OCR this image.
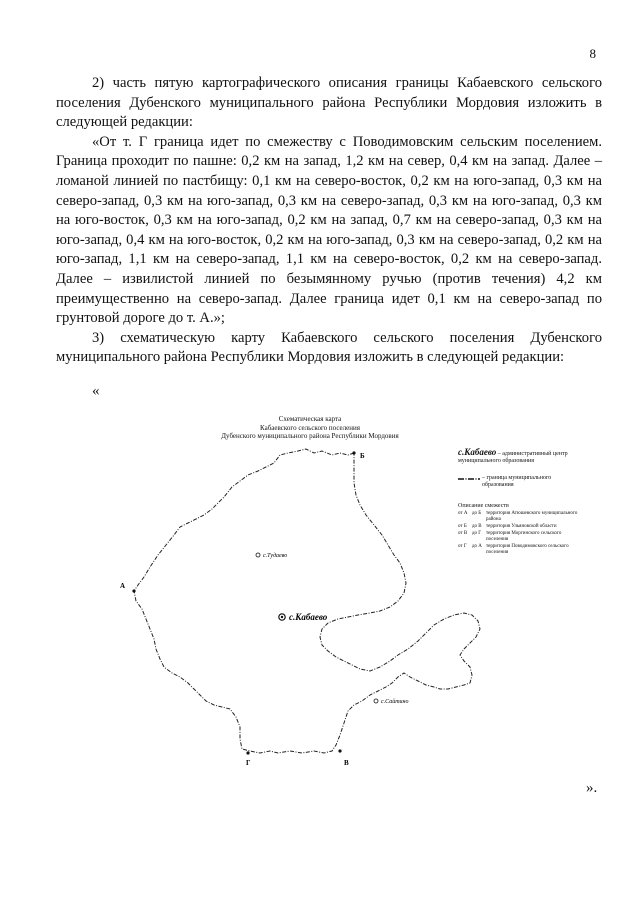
8

2) часть пятую картографического описания границы Кабаевского сельского поселения Дубенского муниципального района Республики Мордовия изложить в следующей редакции:

«От т. Г граница идет по смежеству с Поводимовским сельским поселением. Граница проходит по пашне: 0,2 км на запад, 1,2 км на север, 0,4 км на запад. Далее – ломаной линией по пастбищу: 0,1 км на северо-восток, 0,2 км на юго-запад, 0,3 км на северо-запад, 0,3 км на юго-запад, 0,3 км на северо-запад, 0,3 км на юго-запад, 0,3 км на юго-восток, 0,3 км на юго-запад, 0,2 км на запад, 0,7 км на северо-запад, 0,3 км на юго-запад, 0,4 км на юго-восток, 0,2 км на юго-запад, 0,3 км на северо-запад, 0,2 км на юго-запад, 1,1 км на северо-запад, 1,1 км на северо-восток, 0,2 км на северо-запад. Далее – извилистой линией по безымянному ручью (против течения) 4,2 км преимущественно на северо-запад. Далее граница идет 0,1 км на северо-запад по грунтовой дороге до т. А.»;

3) схематическую карту Кабаевского сельского поселения Дубенского муниципального района Республики Мордовия изложить в следующей редакции:

«
Схематическая карта
Кабаевского сельского поселения
Дубенского муниципального района Республики Мордовия
А
Б
В
Г
с.Тудаево
с.Кабаево
с.Сайтино
с.Кабаево – административный центр муниципального образования
– граница муниципального образования
Описание смежеств
от А до Б территория Атюшевского муниципального района
от Б	до В территория Ульяновской области
от В до Г территория Моргинского сельского поселения
от Г	до А территория Поводимовского сельского поселения
».
